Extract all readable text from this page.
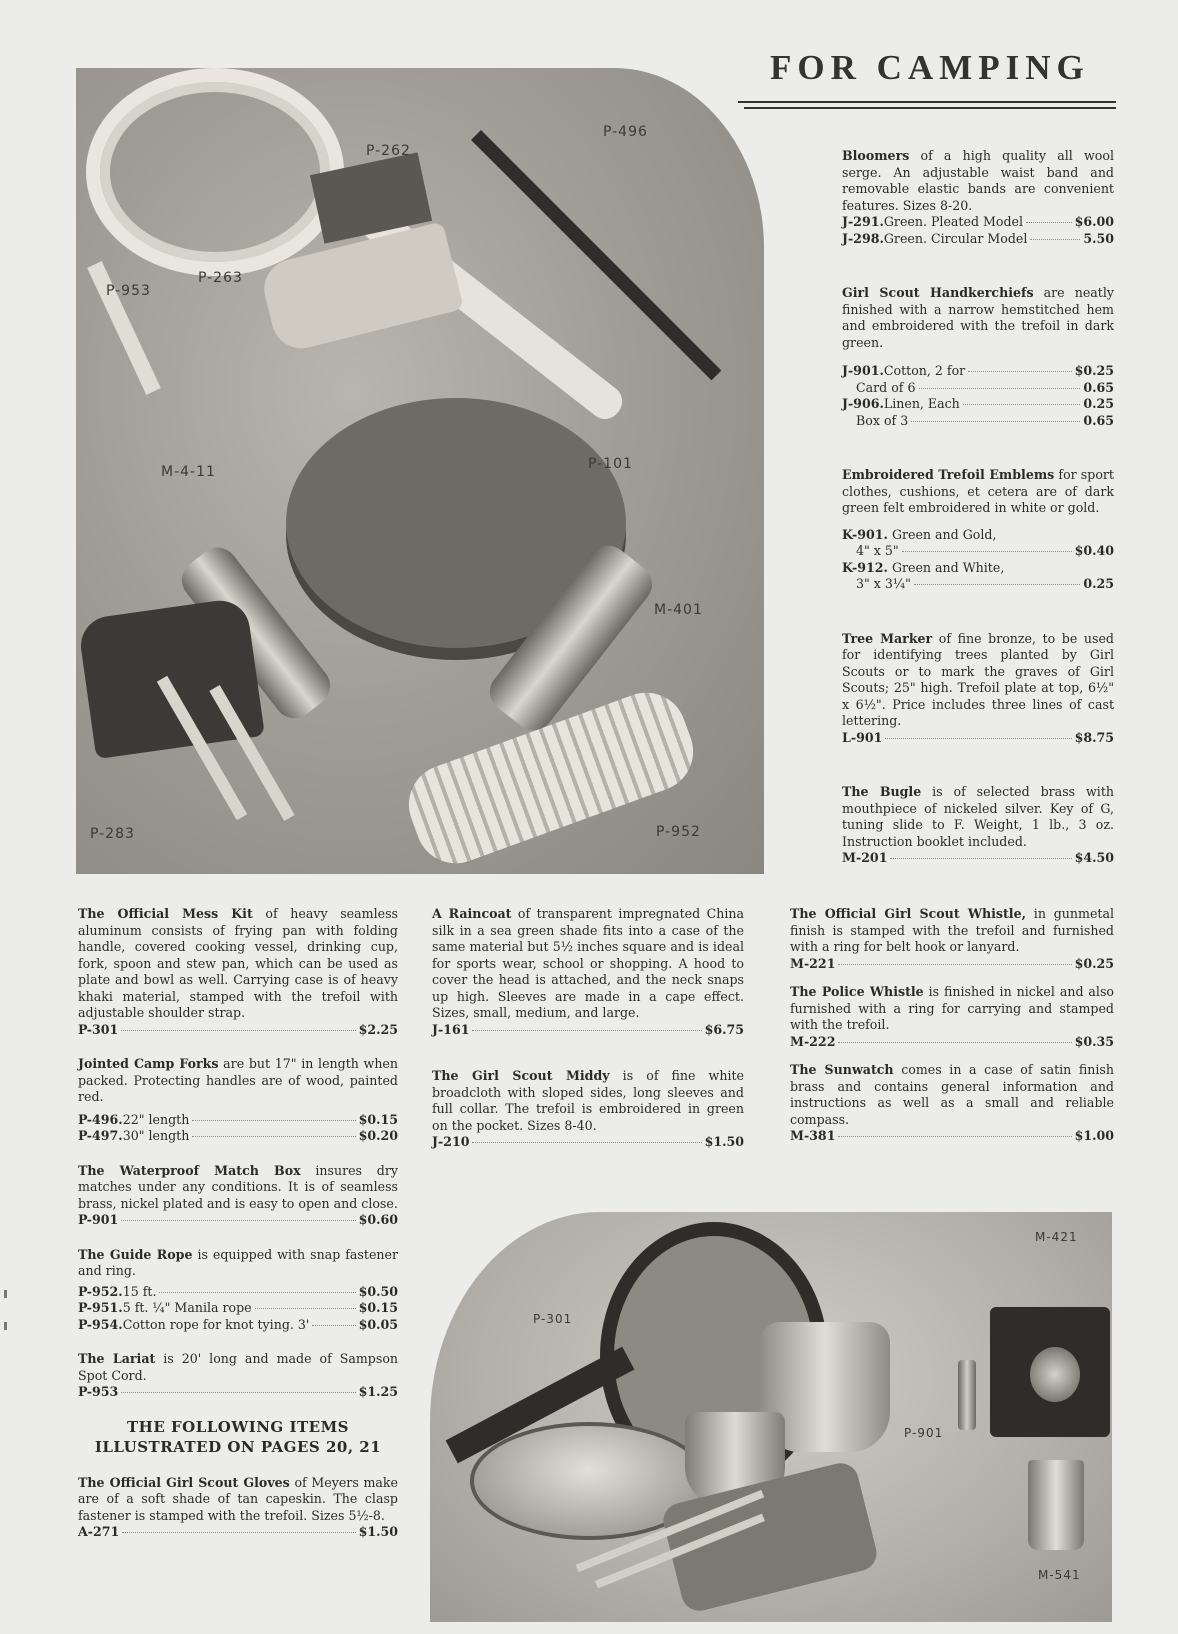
FOR CAMPING
P-262
P-496
P-953
P-263
M-4-11	P-101
M-401
P-283	P-952
P-301
M-421
P-901
M-541

Bloomers of a high quality all wool serge. An adjustable waist band and removable elastic bands are convenient features. Sizes 8-20.

J-291. Green. Pleated Model	$6.00
J-298. Green. Circular Model	5.50

Girl Scout Handkerchiefs are neatly finished with a narrow hemstitched hem and embroidered with the trefoil in dark green.

J-901. Cotton, 2 for	$0.25
Card of 6	0.65
J-906. Linen, Each	0.25
Box of 3	0.65

Embroidered Trefoil Emblems for sport clothes, cushions, et cetera are of dark green felt embroidered in white or gold.

K-901. Green and Gold,
4" x 5"	$0.40
K-912. Green and White,
3" x 3¼"	0.25

Tree Marker of fine bronze, to be used for identifying trees planted by Girl Scouts or to mark the graves of Girl Scouts; 25" high. Trefoil plate at top, 6½" x 6½". Price includes three lines of cast lettering.

L-901	$8.75

The Bugle is of selected brass with mouthpiece of nickeled silver. Key of G, tuning slide to F. Weight, 1 lb., 3 oz. Instruction booklet included.

M-201	$4.50

The Official Mess Kit of heavy seamless aluminum consists of frying pan with folding handle, covered cooking vessel, drinking cup, fork, spoon and stew pan, which can be used as plate and bowl as well. Carrying case is of heavy khaki material, stamped with the trefoil with adjustable shoulder strap.

P-301	$2.25

Jointed Camp Forks are but 17" in length when packed. Protecting handles are of wood, painted red.

P-496. 22" length	$0.15
P-497. 30" length	$0.20

The Waterproof Match Box insures dry matches under any conditions. It is of seamless brass, nickel plated and is easy to open and close.

P-901	$0.60

The Guide Rope is equipped with snap fastener and ring.

P-952. 15 ft.	$0.50
P-951. 5 ft. ¼" Manila rope	$0.15
P-954. Cotton rope for knot tying. 3'	$0.05

The Lariat is 20' long and made of Sampson Spot Cord.

P-953	$1.25
THE FOLLOWING ITEMS
ILLUSTRATED ON PAGES 20, 21

The Official Girl Scout Gloves of Meyers make are of a soft shade of tan capeskin. The clasp fastener is stamped with the trefoil. Sizes 5½-8.

A-271	$1.50

A Raincoat of transparent impregnated China silk in a sea green shade fits into a case of the same material but 5½ inches square and is ideal for sports wear, school or shopping. A hood to cover the head is attached, and the neck snaps up high. Sleeves are made in a cape effect. Sizes, small, medium, and large.

J-161	$6.75

The Girl Scout Middy is of fine white broadcloth with sloped sides, long sleeves and full collar. The trefoil is embroidered in green on the pocket. Sizes 8-40.

J-210	$1.50

The Official Girl Scout Whistle, in gunmetal finish is stamped with the trefoil and furnished with a ring for belt hook or lanyard.

M-221	$0.25

The Police Whistle is finished in nickel and also furnished with a ring for carrying and stamped with the trefoil.

M-222	$0.35

The Sunwatch comes in a case of satin finish brass and contains general information and instructions as well as a small and reliable compass.

M-381	$1.00
